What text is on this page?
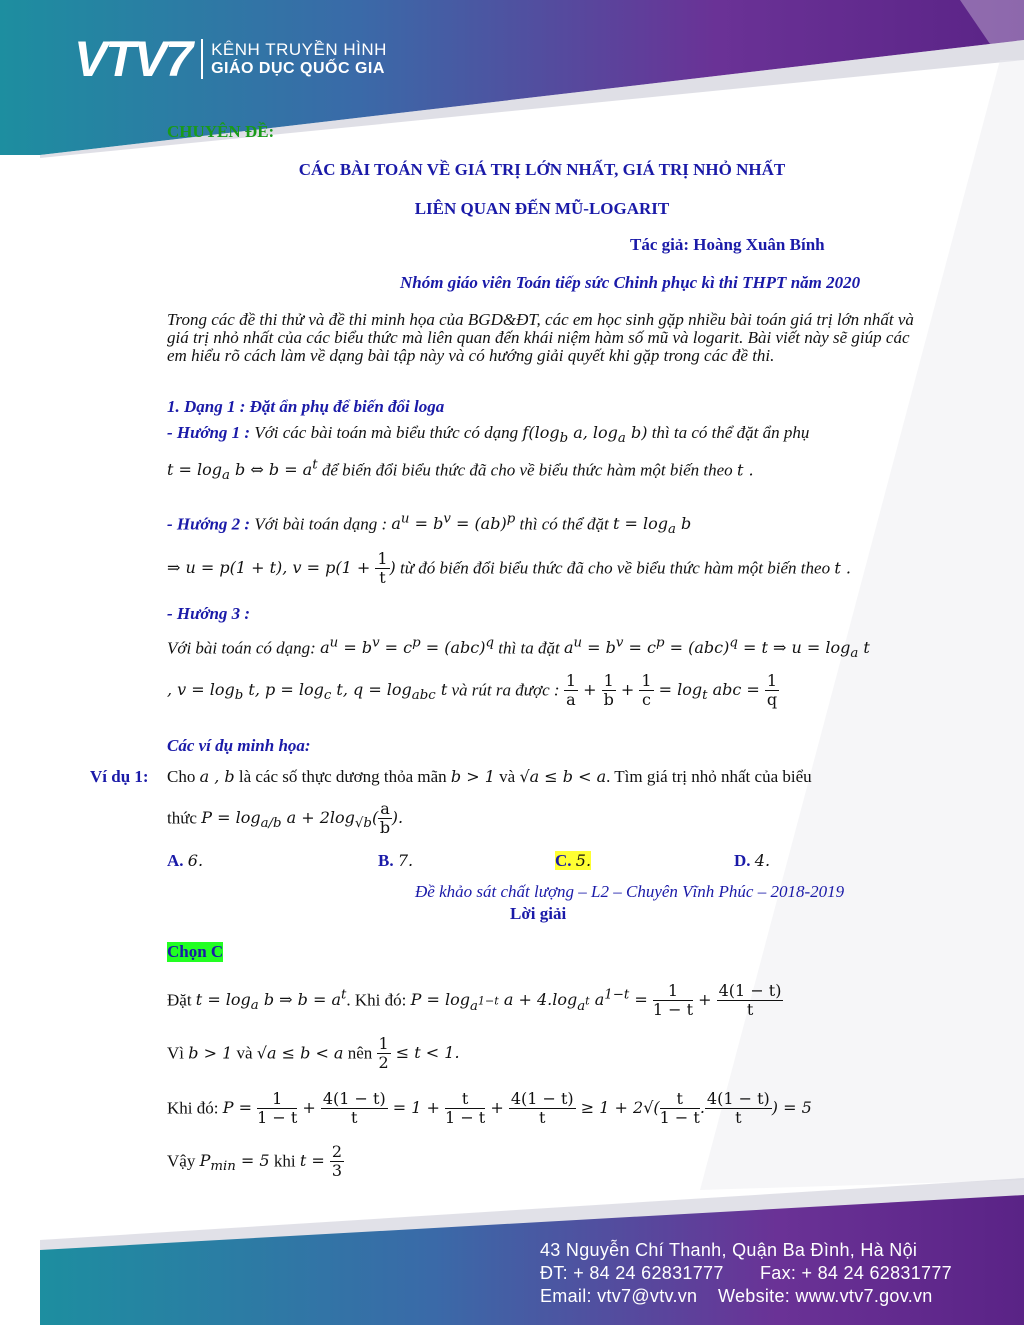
VTV7 KÊNH TRUYỀN HÌNH
GIÁO DỤC QUỐC GIA
CHUYÊN ĐỀ:
CÁC BÀI TOÁN VỀ GIÁ TRỊ LỚN NHẤT, GIÁ TRỊ NHỎ NHẤT
LIÊN QUAN ĐẾN MŨ-LOGARIT
Tác giả: Hoàng Xuân Bính
Nhóm giáo viên Toán tiếp sức Chinh phục kì thi THPT năm 2020
Trong các đề thi thử và đề thi minh họa của BGD&ĐT, các em học sinh gặp nhiều bài toán giá trị lớn nhất và giá trị nhỏ nhất của các biểu thức mà liên quan đến khái niệm hàm số mũ và logarit. Bài viết này sẽ giúp các em hiểu rõ cách làm về dạng bài tập này và có hướng giải quyết khi gặp trong các đề thi.
1. Dạng 1 : Đặt ẩn phụ để biến đổi loga
- Hướng 1 : Với các bài toán mà biểu thức có dạng $f(\log_b$ a, $\log_a b$) thì ta có thể đặt ẩn phụ
$t = \log_a b$ ⇔ $b = a^t$ để biến đổi biểu thức đã cho về biểu thức hàm một biến theo t .
- Hướng 2 : Với bài toán dạng : $a^u = b^v = (ab)^p$ thì có thể đặt $t = \log_a b$
⇒ u = p(1 + t), $v = p(1 + \frac{1}{t}$ ) từ đó biến đổi biểu thức đã cho về biểu thức hàm một biến theo t .
- Hướng 3 :
Với bài toán có dạng: $a^u = b^v = c^p = (abc)^q$ thì ta đặt $a^u = b^v = c^p = (abc)^q = t$ ⇒ $u = \log_a t$
, $v = \log_b t$, $p = \log_c t$, $q = \log_{abc} t$ và rút ra được : $\frac{1}{a} + \frac{1}{b} + \frac{1}{c} = \log_t$ abc = $\frac{1}{q}$
Các ví dụ minh họa:
Ví dụ 1: Cho a , b là các số thực dương thỏa mãn b > 1 và √a ≤ b < a. Tìm giá trị nhỏ nhất của biểu
thức $P = \log_{a/b} a + 2\log_{√b}( \frac{a}{b}$ ).
A. 6.	B. 7.	C. 5.	D. 4.
Đề khảo sát chất lượng – L2 – Chuyên Vĩnh Phúc – 2018-2019
Lời giải
Chọn C
Đặt $t = \log_a b$ ⇒ $b = a^t$. Khi đó: $P = \log_{a^{1-t}} a + 4.\log_{a^t}$ $a^{1-t} = \frac{1}{1 - t} + \frac{4(1 - t)}{t}$
Vì b > 1 và √a ≤ b < a nên $\frac{1}{2} \le t < 1$.
Khi đó: $P = \frac{1}{1 - t} + \frac{4(1 - t)}{t} = 1 + \frac{t}{1 - t} + \frac{4(1 - t)}{t} \ge 1 + 2√( \frac{t}{1 - t}$ . $\frac{4(1 - t)}{t}$ ) = 5
Vậy $P_{min} = 5$ khi $t = \frac{2}{3}$
43 Nguyễn Chí Thanh, Quận Ba Đình, Hà Nội
ĐT: + 84 24 62831777 Fax: + 84 24 62831777
Email: vtv7@vtv.vn Website: www.vtv7.gov.vn
